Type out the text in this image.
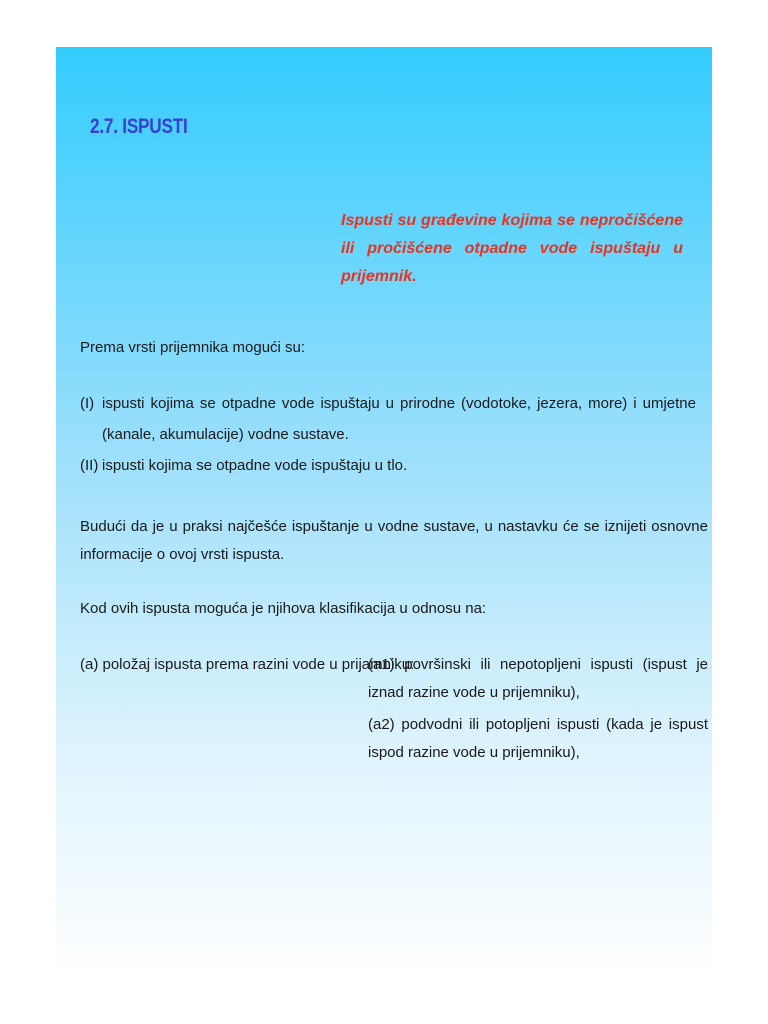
2.7. ISPUSTI
Ispusti su građevine kojima se nepročišćene ili pročišćene otpadne vode ispuštaju u prijemnik.
Prema vrsti prijemnika mogući su:
(I) ispusti kojima se otpadne vode ispuštaju u prirodne (vodotoke, jezera, more) i umjetne (kanale, akumulacije) vodne sustave.
(II) ispusti kojima se otpadne vode ispuštaju u tlo.
Budući da je u praksi najčešće ispuštanje u vodne sustave, u nastavku će se iznijeti osnovne informacije o ovoj vrsti ispusta.
Kod ovih ispusta moguća je njihova klasifikacija u odnosu na:
(a) položaj ispusta prema razini vode u prijamniku:
(a1) površinski ili nepotopljeni ispusti (ispust je iznad razine vode u prijemniku),
(a2) podvodni ili potopljeni ispusti (kada je ispust ispod razine vode u prijemniku),
